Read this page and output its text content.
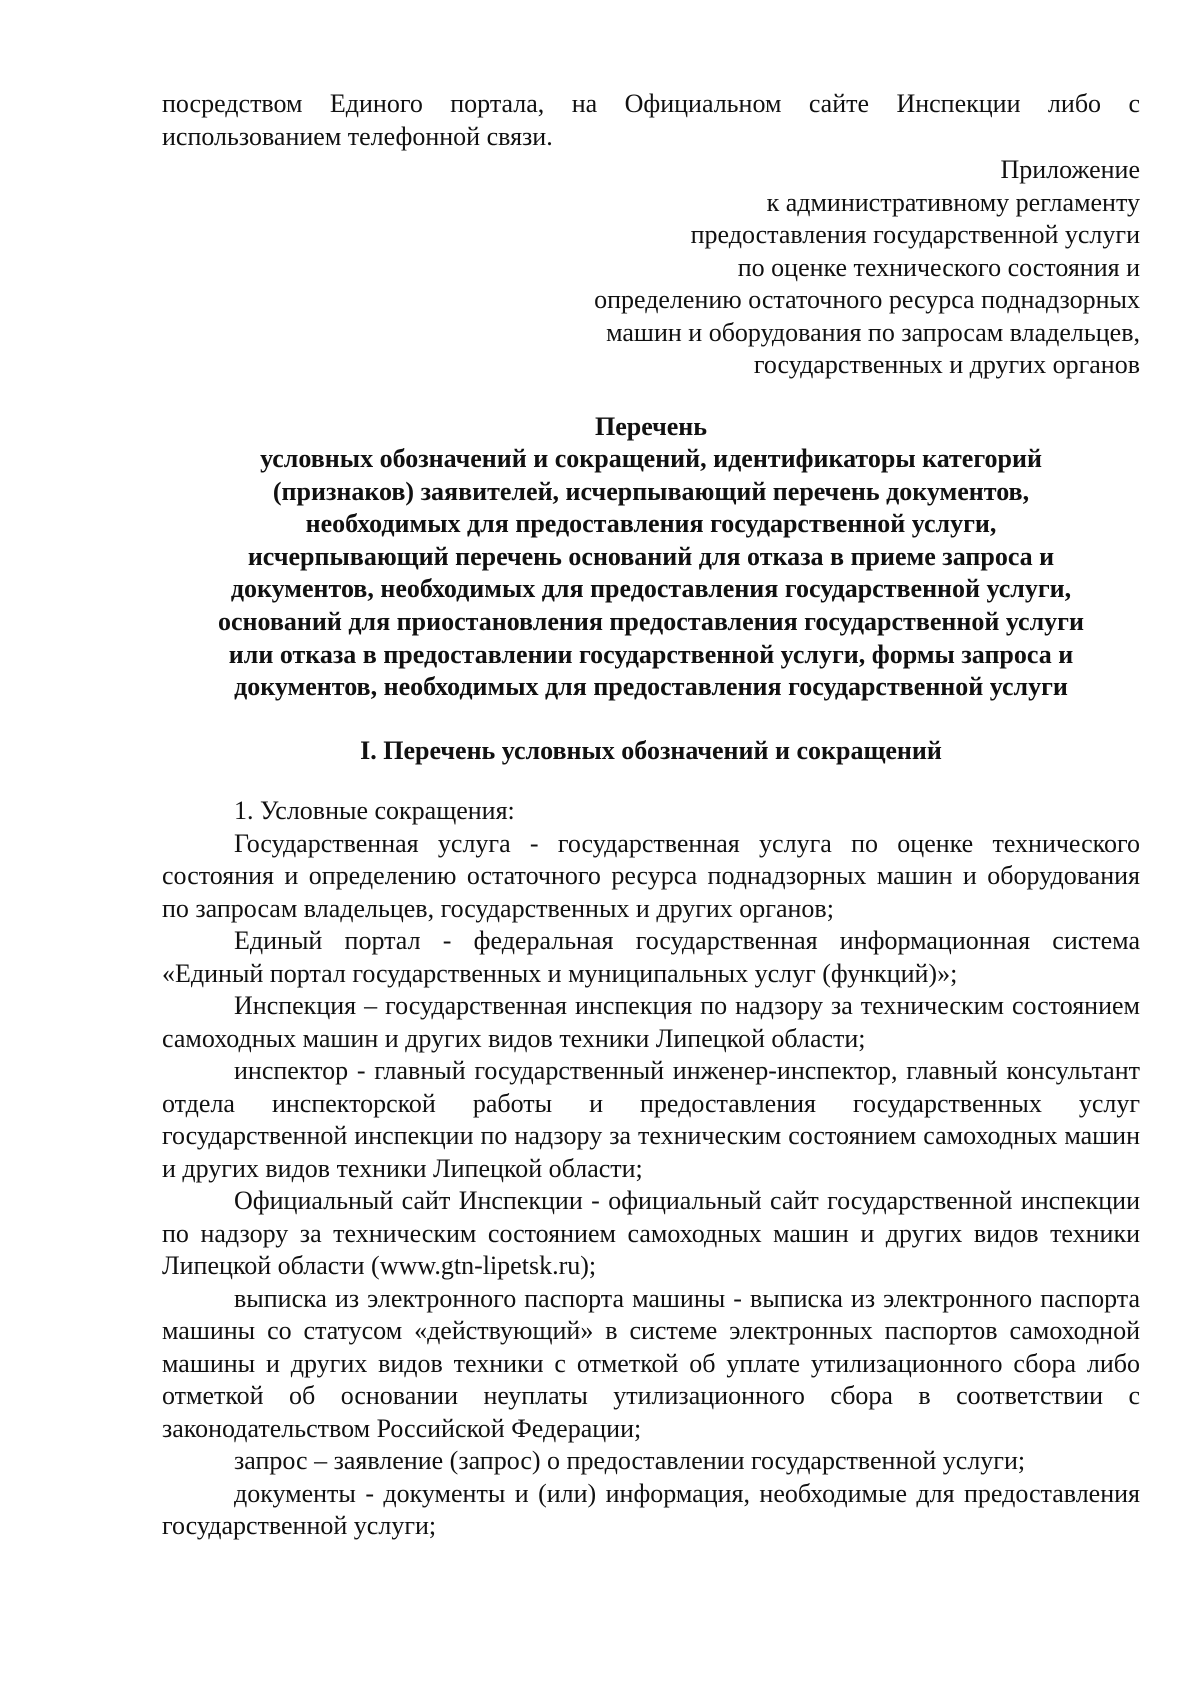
посредством Единого портала, на Официальном сайте Инспекции либо с использованием телефонной связи.

Приложение
к административному регламенту
предоставления государственной услуги
по оценке технического состояния и
определению остаточного ресурса поднадзорных
машин и оборудования по запросам владельцев,
государственных и других органов
Перечень
условных обозначений и сокращений, идентификаторы категорий
(признаков) заявителей, исчерпывающий перечень документов,
необходимых для предоставления государственной услуги,
исчерпывающий перечень оснований для отказа в приеме запроса и
документов, необходимых для предоставления государственной услуги,
оснований для приостановления предоставления государственной услуги
или отказа в предоставлении государственной услуги, формы запроса и
документов, необходимых для предоставления государственной услуги

I. Перечень условных обозначений и сокращений

1. Условные сокращения:

Государственная услуга - государственная услуга по оценке технического состояния и определению остаточного ресурса поднадзорных машин и оборудования по запросам владельцев, государственных и других органов;

Единый портал - федеральная государственная информационная система «Единый портал государственных и муниципальных услуг (функций)»;

Инспекция – государственная инспекция по надзору за техническим состоянием самоходных машин и других видов техники Липецкой области;

инспектор - главный государственный инженер-инспектор, главный консультант отдела инспекторской работы и предоставления государственных услуг государственной инспекции по надзору за техническим состоянием самоходных машин и других видов техники Липецкой области;

Официальный сайт Инспекции - официальный сайт государственной инспекции по надзору за техническим состоянием самоходных машин и других видов техники Липецкой области (www.gtn-lipetsk.ru);

выписка из электронного паспорта машины - выписка из электронного паспорта машины со статусом «действующий» в системе электронных паспортов самоходной машины и других видов техники с отметкой об уплате утилизационного сбора либо отметкой об основании неуплаты утилизационного сбора в соответствии с законодательством Российской Федерации;

запрос – заявление (запрос) о предоставлении государственной услуги;

документы - документы и (или) информация, необходимые для предоставления государственной услуги;
